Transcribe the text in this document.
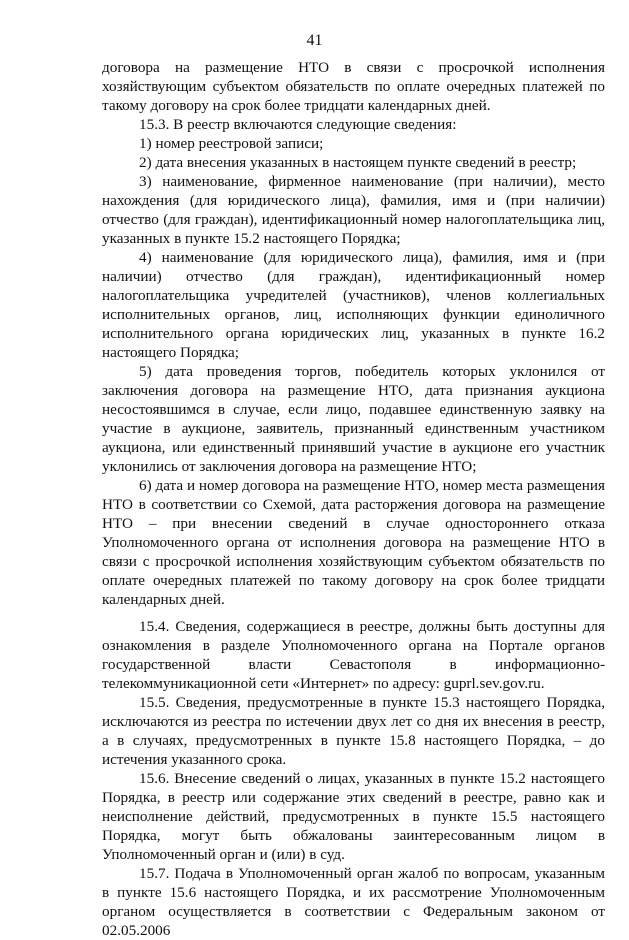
41

договора на размещение НТО в связи с просрочкой исполнения хозяйствующим субъектом обязательств по оплате очередных платежей по такому договору на срок более тридцати календарных дней.

15.3. В реестр включаются следующие сведения:

1) номер реестровой записи;

2) дата внесения указанных в настоящем пункте сведений в реестр;

3) наименование, фирменное наименование (при наличии), место нахождения (для юридического лица), фамилия, имя и (при наличии) отчество (для граждан), идентификационный номер налогоплательщика лиц, указанных в пункте 15.2 настоящего Порядка;

4) наименование (для юридического лица), фамилия, имя и (при наличии) отчество (для граждан), идентификационный номер налогоплательщика учредителей (участников), членов коллегиальных исполнительных органов, лиц, исполняющих функции единоличного исполнительного органа юридических лиц, указанных в пункте 16.2 настоящего Порядка;

5) дата проведения торгов, победитель которых уклонился от заключения договора на размещение НТО, дата признания аукциона несостоявшимся в случае, если лицо, подавшее единственную заявку на участие в аукционе, заявитель, признанный единственным участником аукциона, или единственный принявший участие в аукционе его участник уклонились от заключения договора на размещение НТО;

6) дата и номер договора на размещение НТО, номер места размещения НТО в соответствии со Схемой, дата расторжения договора на размещение НТО – при внесении сведений в случае одностороннего отказа Уполномоченного органа от исполнения договора на размещение НТО в связи с просрочкой исполнения хозяйствующим субъектом обязательств по оплате очередных платежей по такому договору на срок более тридцати календарных дней.

15.4. Сведения, содержащиеся в реестре, должны быть доступны для ознакомления в разделе Уполномоченного органа на Портале органов государственной власти Севастополя в информационно-телекоммуникационной сети «Интернет» по адресу: guprl.sev.gov.ru.

15.5. Сведения, предусмотренные в пункте 15.3 настоящего Порядка, исключаются из реестра по истечении двух лет со дня их внесения в реестр, а в случаях, предусмотренных в пункте 15.8 настоящего Порядка, – до истечения указанного срока.

15.6. Внесение сведений о лицах, указанных в пункте 15.2 настоящего Порядка, в реестр или содержание этих сведений в реестре, равно как и неисполнение действий, предусмотренных в пункте 15.5 настоящего Порядка, могут быть обжалованы заинтересованным лицом в Уполномоченный орган и (или) в суд.

15.7. Подача в Уполномоченный орган жалоб по вопросам, указанным в пункте 15.6 настоящего Порядка, и их рассмотрение Уполномоченным органом осуществляется в соответствии с Федеральным законом от 02.05.2006
